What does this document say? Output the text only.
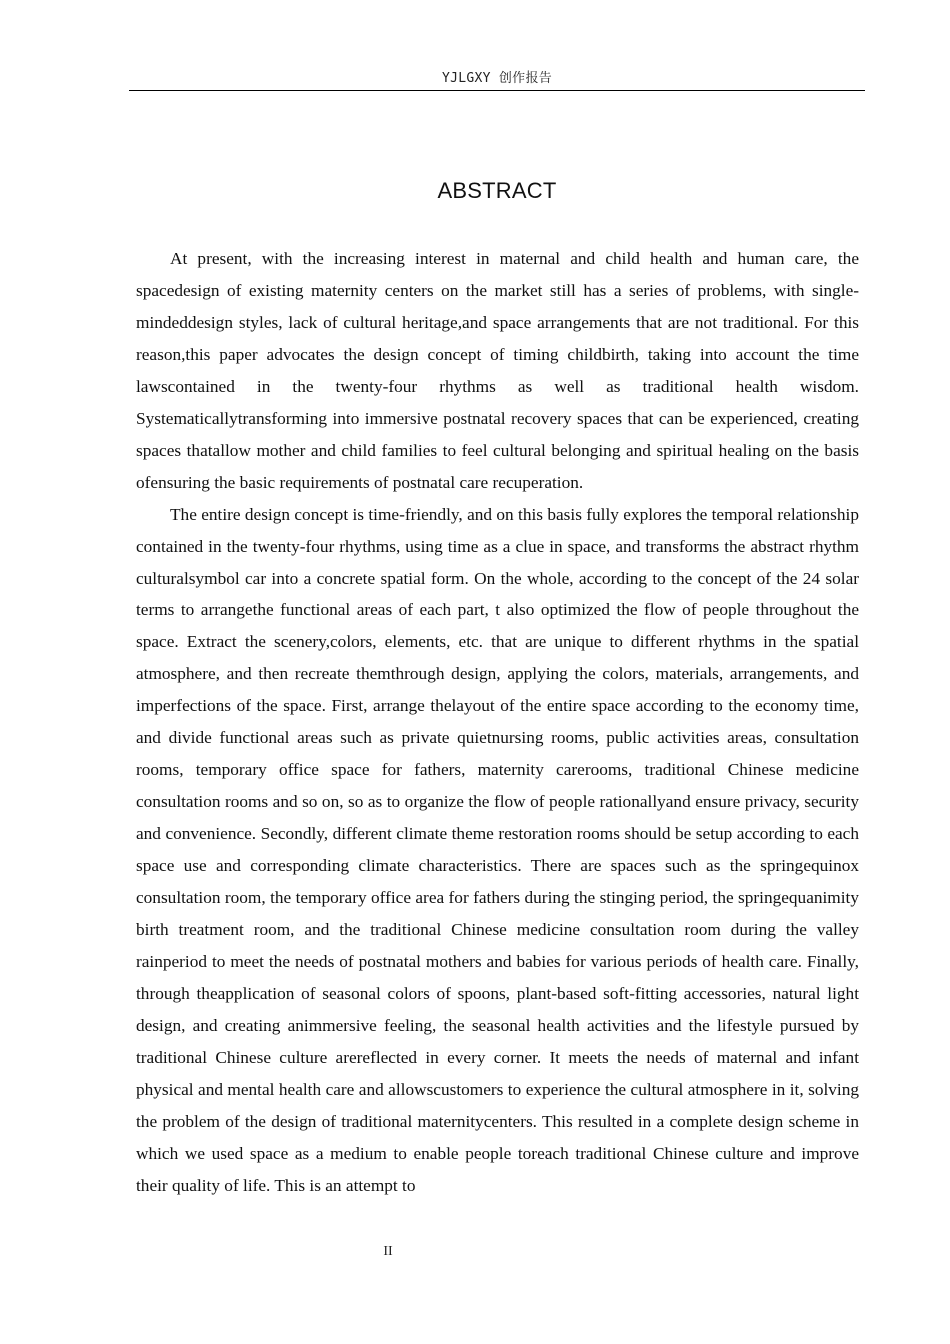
YJLGXY 创作报告
ABSTRACT

At present, with the increasing interest in maternal and child health and human care, the spacedesign of existing maternity centers on the market still has a series of problems, with single-mindeddesign styles, lack of cultural heritage,and space arrangements that are not traditional. For this reason,this paper advocates the design concept of timing childbirth, taking into account the time lawscontained in the twenty-four rhythms as well as traditional health wisdom. Systematicallytransforming into immersive postnatal recovery spaces that can be experienced, creating spaces thatallow mother and child families to feel cultural belonging and spiritual healing on the basis ofensuring the basic requirements of postnatal care recuperation.

The entire design concept is time-friendly, and on this basis fully explores the temporal relationship contained in the twenty-four rhythms, using time as a clue in space, and transforms the abstract rhythm culturalsymbol car into a concrete spatial form. On the whole, according to the concept of the 24 solar terms to arrangethe functional areas of each part, t also optimized the flow of people throughout the space. Extract the scenery,colors, elements, etc. that are unique to different rhythms in the spatial atmosphere, and then recreate themthrough design, applying the colors, materials, arrangements, and imperfections of the space. First, arrange thelayout of the entire space according to the economy time, and divide functional areas such as private quietnursing rooms, public activities areas, consultation rooms, temporary office space for fathers, maternity carerooms, traditional Chinese medicine consultation rooms and so on, so as to organize the flow of people rationallyand ensure privacy, security and convenience. Secondly, different climate theme restoration rooms should be setup according to each space use and corresponding climate characteristics. There are spaces such as the springequinox consultation room, the temporary office area for fathers during the stinging period, the springequanimity birth treatment room, and the traditional Chinese medicine consultation room during the valley rainperiod to meet the needs of postnatal mothers and babies for various periods of health care. Finally, through theapplication of seasonal colors of spoons, plant-based soft-fitting accessories, natural light design, and creating animmersive feeling, the seasonal health activities and the lifestyle pursued by traditional Chinese culture arereflected in every corner. It meets the needs of maternal and infant physical and mental health care and allowscustomers to experience the cultural atmosphere in it, solving the problem of the design of traditional maternitycenters. This resulted in a complete design scheme in which we used space as a medium to enable people toreach traditional Chinese culture and improve their quality of life. This is an attempt to

II
